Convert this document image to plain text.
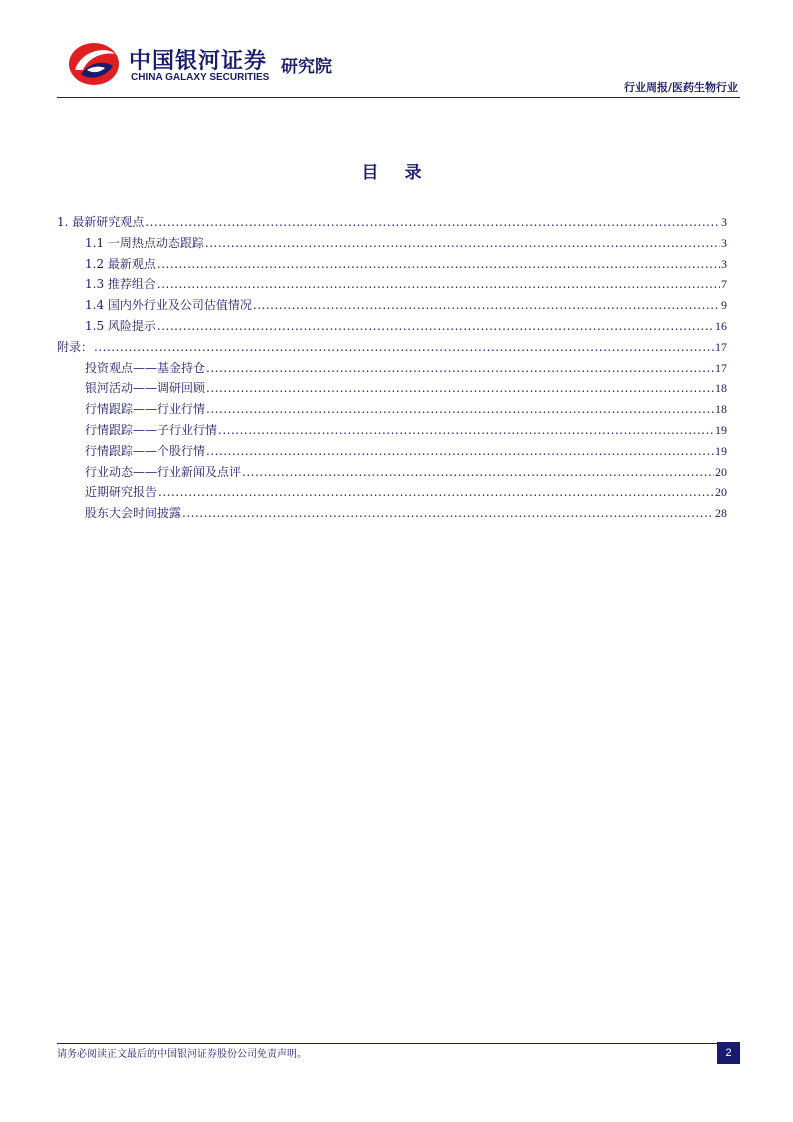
中国银河证券
CHINA GALAXY SECURITIES
研究院
行业周报/医药生物行业
目 录
1. 最新研究观点 .....	3
1.1 一周热点动态跟踪 .....	3
1.2 最新观点 .....	3
1.3 推荐组合 .....	7
1.4 国内外行业及公司估值情况 .....	9
1.5 风险提示 .....	16
附录： .....	17
投资观点——基金持仓 .....	17
银河活动——调研回顾 .....	18
行情跟踪——行业行情 .....	18
行情跟踪——子行业行情 .....	19
行情跟踪——个股行情 .....	19
行业动态——行业新闻及点评 .....	20
近期研究报告 .....	20
股东大会时间披露 .....	28
请务必阅读正文最后的中国银河证券股份公司免责声明。	2
